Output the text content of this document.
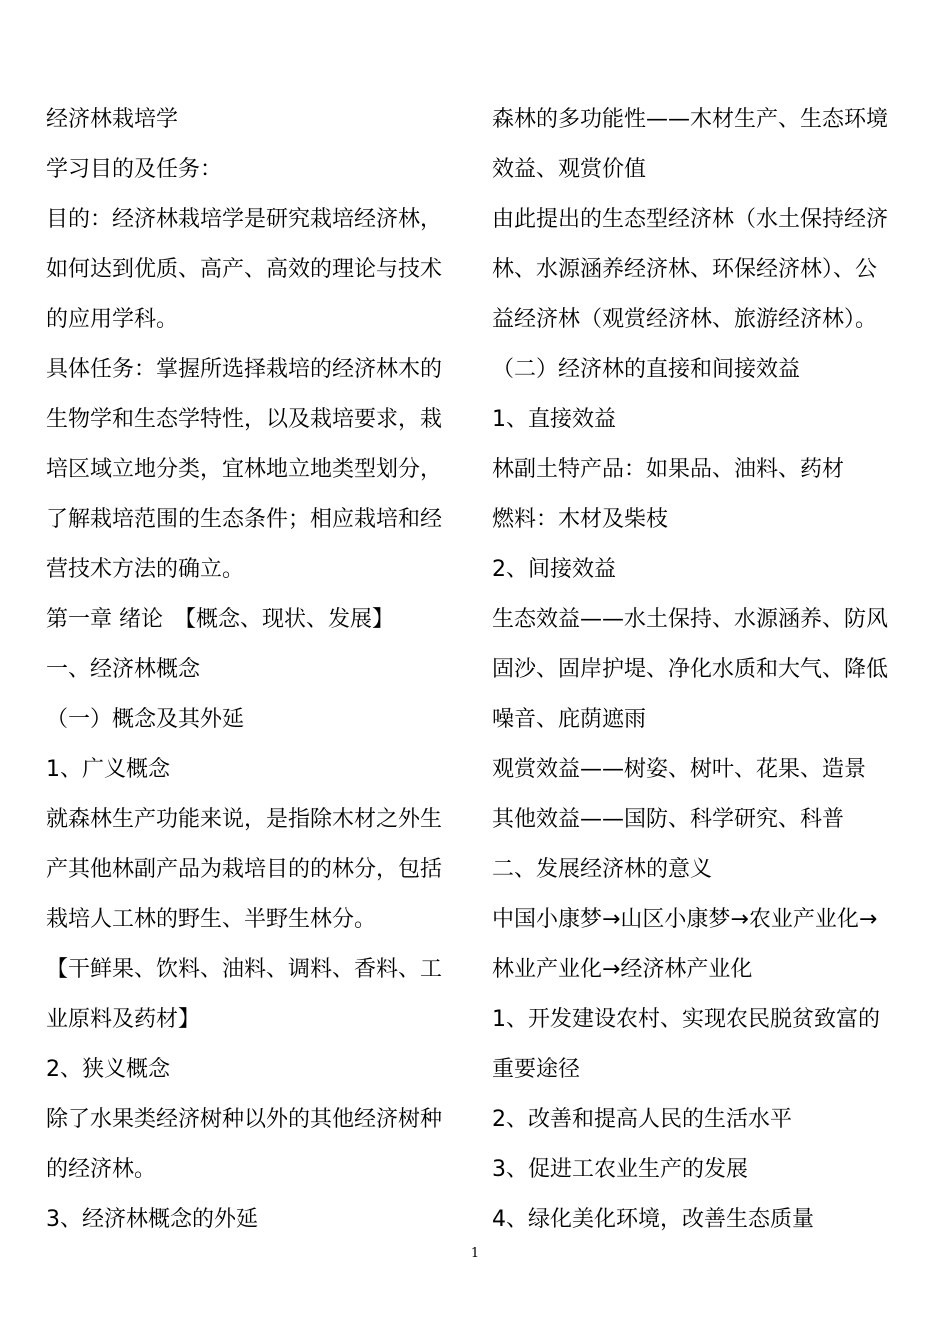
经济林栽培学
学习目的及任务：
目的：经济林栽培学是研究栽培经济林，
如何达到优质、高产、高效的理论与技术
的应用学科。
具体任务：掌握所选择栽培的经济林木的
生物学和生态学特性，以及栽培要求，栽
培区域立地分类，宜林地立地类型划分，
了解栽培范围的生态条件；相应栽培和经
营技术方法的确立。
第一章 绪论　【概念、现状、发展】
一、经济林概念
（一）概念及其外延
1、广义概念
就森林生产功能来说，是指除木材之外生
产其他林副产品为栽培目的的林分，包括
栽培人工林的野生、半野生林分。
【干鲜果、饮料、油料、调料、香料、工
业原料及药材】
2、狭义概念
除了水果类经济树种以外的其他经济树种
的经济林。
3、经济林概念的外延
森林的多功能性——木材生产、生态环境
效益、观赏价值
由此提出的生态型经济林（水土保持经济
林、水源涵养经济林、环保经济林）、公
益经济林（观赏经济林、旅游经济林）。
（二）经济林的直接和间接效益
1、直接效益
林副土特产品：如果品、油料、药材
燃料：木材及柴枝
2、间接效益
生态效益——水土保持、水源涵养、防风
固沙、固岸护堤、净化水质和大气、降低
噪音、庇荫遮雨
观赏效益——树姿、树叶、花果、造景
其他效益——国防、科学研究、科普
二、发展经济林的意义
中国小康梦→山区小康梦→农业产业化→
林业产业化→经济林产业化
1、开发建设农村、实现农民脱贫致富的
重要途径
2、改善和提高人民的生活水平
3、促进工农业生产的发展
4、绿化美化环境，改善生态质量
1
